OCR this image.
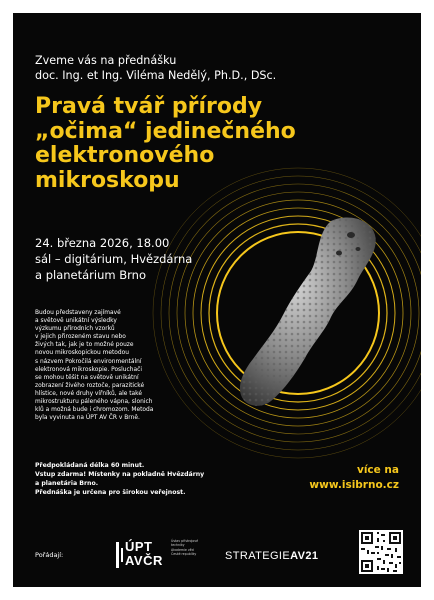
Zveme vás na přednášku
doc. Ing. et Ing. Viléma Nedělý, Ph.D., DSc.
Pravá tvář přírody
„očima“ jedinečného
elektronového
mikroskopu
24. března 2026, 18.00
sál – digitárium, Hvězdárna
a planetárium Brno
Budou představeny zajímavé
a světově unikátní výsledky
výzkumu přírodních vzorků
v jejich přirozeném stavu nebo
živých tak, jak je to možné pouze
novou mikroskopickou metodou
s názvem Pokročilá environmentální
elektronová mikroskopie. Posluchači
se mohou těšit na světově unikátní
zobrazení živého roztoče, parazitické
hlístice, nové druhy vířníků, ale také
mikrostrukturu páleného vápna, slonich
klů a možná bude i chromozom. Metoda
byla vyvinuta na ÚPT AV ČR v Brně.
Předpokládaná délka 60 minut.
Vstup zdarma! Místenky na pokladně Hvězdárny
a planetária Brno.
Přednáška je určena pro širokou veřejnost.
více na
www.isibrno.cz
Pořádají:
ÚPT
AVČR
Ústav přístrojové
techniky
Akademie věd
České republiky	STRATEGIEAV21
